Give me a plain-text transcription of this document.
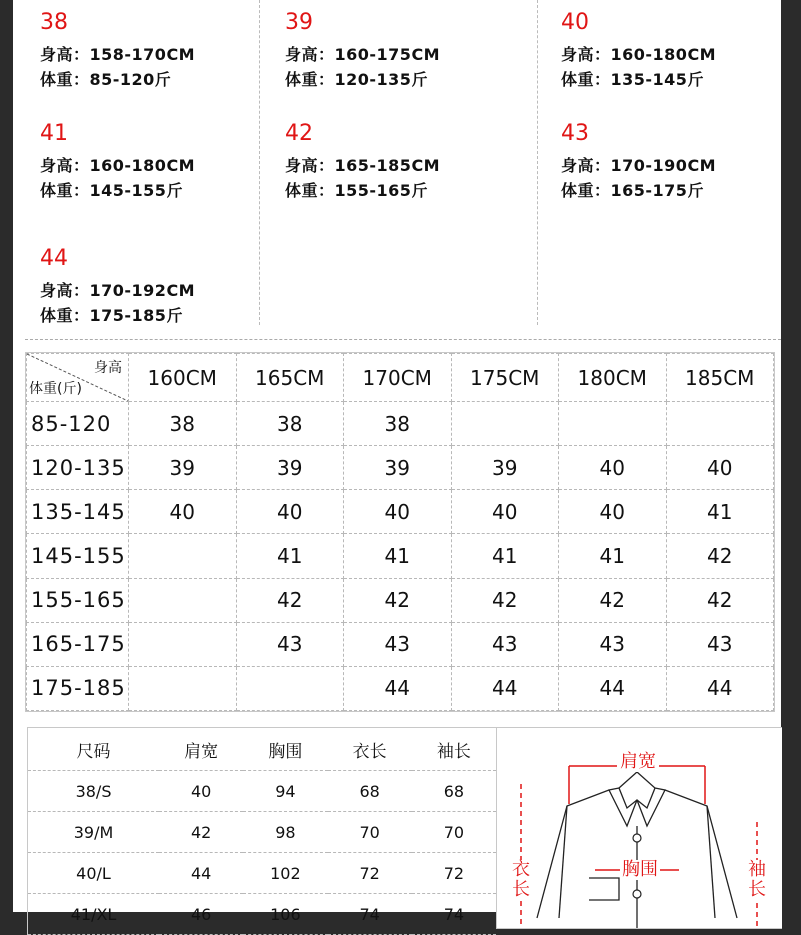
38
身高：158-170CM
体重：85-120斤
39
身高：160-175CM
体重：120-135斤
40
身高：160-180CM
体重：135-145斤
41
身高：160-180CM
体重：145-155斤
42
身高：165-185CM
体重：155-165斤
43
身高：170-190CM
体重：165-175斤
44
身高：170-192CM
体重：175-185斤
身高
体重(斤)	160CM	165CM	170CM	175CM	180CM	185CM
85-120	38	38	38			
120-135	39	39	39	39	40	40
135-145	40	40	40	40	40	41
145-155		41	41	41	41	42
155-165		42	42	42	42	42
165-175		43	43	43	43	43
175-185			44	44	44	44
尺码	肩宽	胸围	衣长	袖长
38/S	40	94	68	68
39/M	42	98	70	70
40/L	44	102	72	72
41/XL	46	106	74	74
肩宽
胸围
衣长
袖长
